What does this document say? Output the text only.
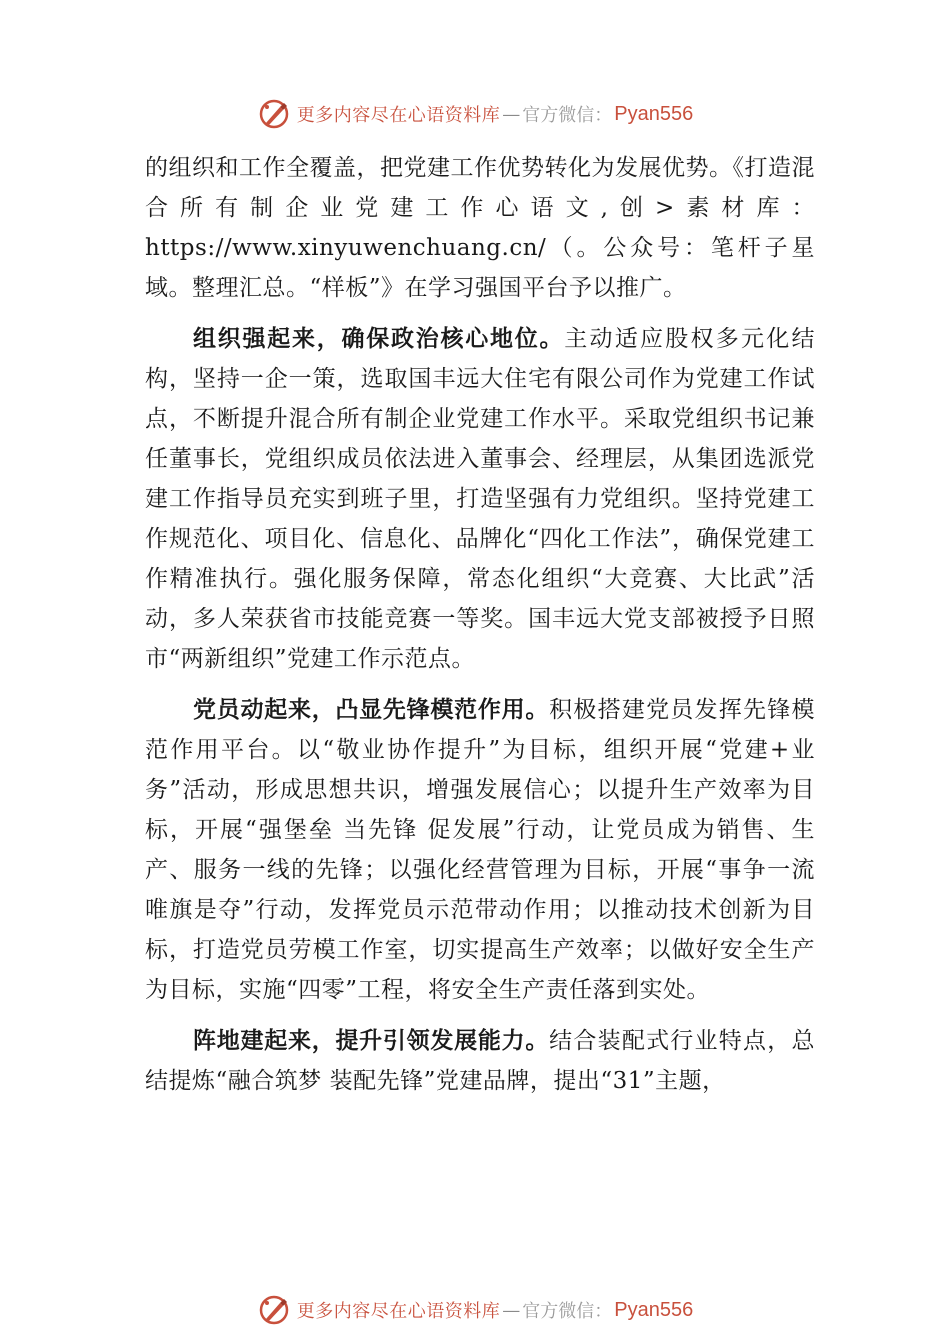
更多内容尽在心语资料库 — 官方微信： Pyan556

的组织和工作全覆盖，把党建工作优势转化为发展优势。《打造混合所有制企业党建工作心语文,创>素材库：https://www.xinyuwenchuang.cn/（。公众号：笔杆子星域。整理汇总。“样板”》在学习强国平台予以推广。

组织强起来，确保政治核心地位。主动适应股权多元化结构，坚持一企一策，选取国丰远大住宅有限公司作为党建工作试点，不断提升混合所有制企业党建工作水平。采取党组织书记兼任董事长，党组织成员依法进入董事会、经理层，从集团选派党建工作指导员充实到班子里，打造坚强有力党组织。坚持党建工作规范化、项目化、信息化、品牌化“四化工作法”，确保党建工作精准执行。强化服务保障，常态化组织“大竞赛、大比武”活动，多人荣获省市技能竞赛一等奖。国丰远大党支部被授予日照市“两新组织”党建工作示范点。

党员动起来，凸显先锋模范作用。积极搭建党员发挥先锋模范作用平台。以“敬业协作提升”为目标，组织开展“党建+业务”活动，形成思想共识，增强发展信心；以提升生产效率为目标，开展“强堡垒 当先锋 促发展”行动，让党员成为销售、生产、服务一线的先锋；以强化经营管理为目标，开展“事争一流 唯旗是夺”行动，发挥党员示范带动作用；以推动技术创新为目标，打造党员劳模工作室，切实提高生产效率；以做好安全生产为目标，实施“四零”工程，将安全生产责任落到实处。

阵地建起来，提升引领发展能力。结合装配式行业特点，总结提炼“融合筑梦 装配先锋”党建品牌，提出“31”主题，

更多内容尽在心语资料库 — 官方微信： Pyan556
